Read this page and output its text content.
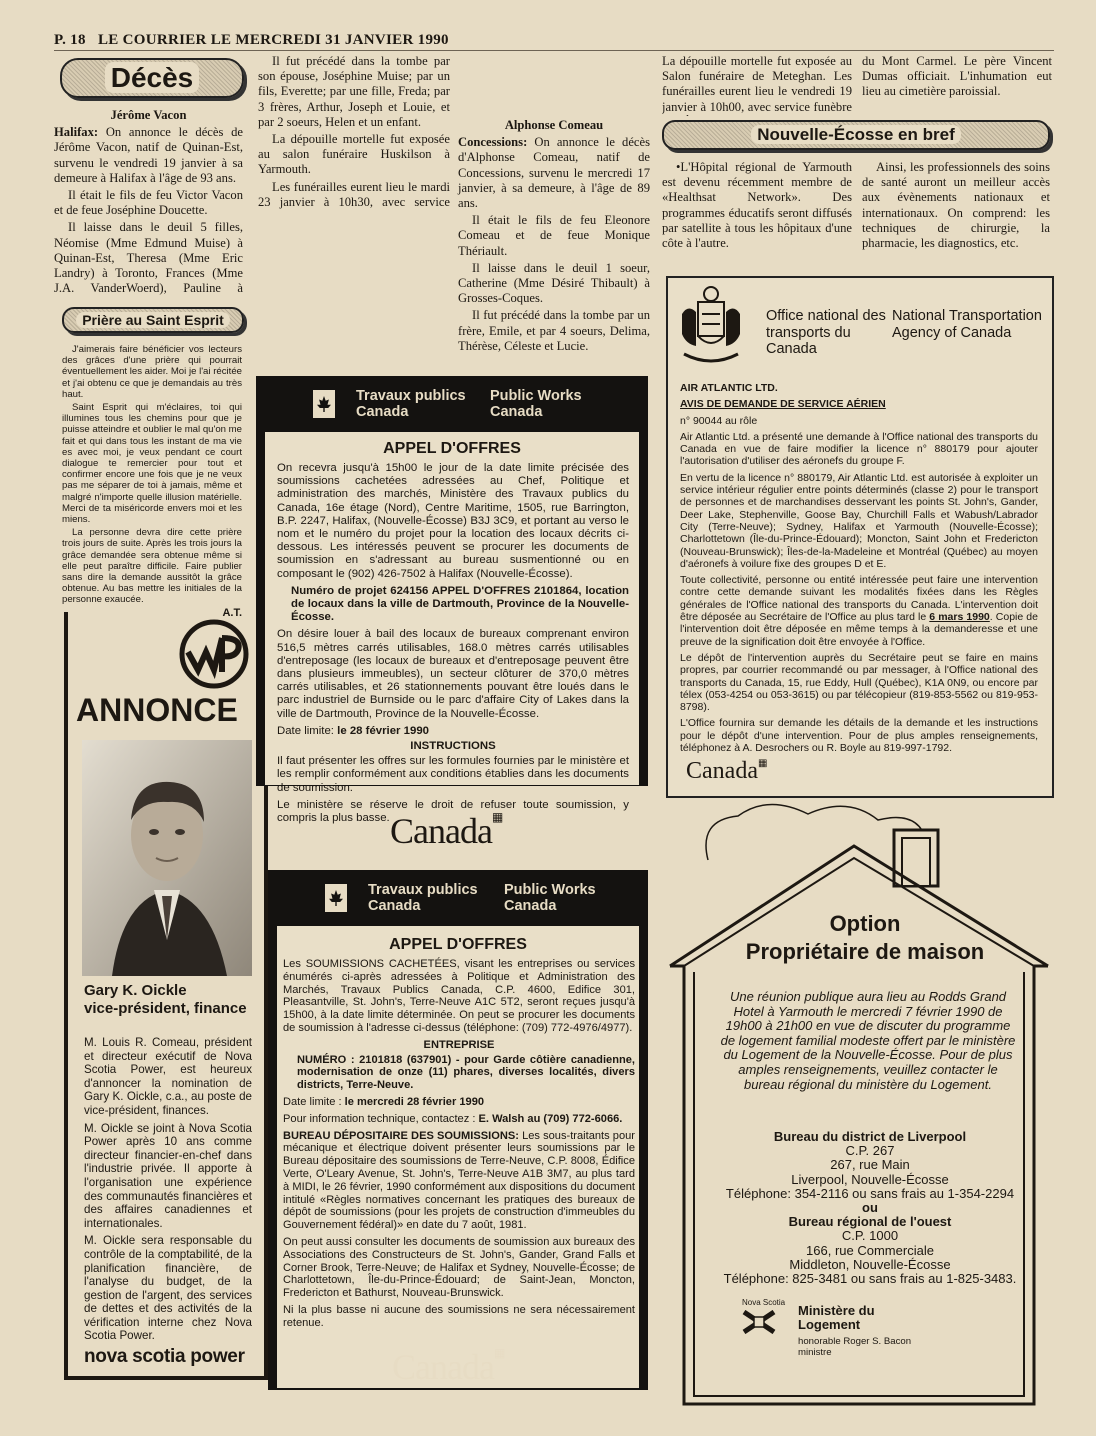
P. 18 LE COURRIER LE MERCREDI 31 JANVIER 1990
Décès
Jérôme Vacon

Halifax: On annonce le décès de Jérôme Vacon, natif de Quinan-Est, survenu le vendredi 19 janvier à sa demeure à Halifax à l'âge de 93 ans.

Il était le fils de feu Victor Vacon et de feue Joséphine Doucette.

Il laisse dans le deuil 5 filles, Néomise (Mme Edmund Muise) à Quinan-Est, Theresa (Mme Eric Landry) à Toronto, Frances (Mme J.A. VanderWoerd), Pauline à

Prière au Saint Esprit

J'aimerais faire bénéficier vos lecteurs des grâces d'une prière qui pourrait éventuellement les aider. Moi je l'ai récitée et j'ai obtenu ce que je demandais au très haut.

Saint Esprit qui m'éclaires, toi qui illumines tous les chemins pour que je puisse atteindre et oublier le mal qu'on me fait et qui dans tous les instant de ma vie es avec moi, je veux pendant ce court dialogue te remercier pour tout et confirmer encore une fois que je ne veux pas me séparer de toi à jamais, même et malgré n'importe quelle illusion matérielle. Merci de ta miséricorde envers moi et les miens.

La personne devra dire cette prière trois jours de suite. Après les trois jours la grâce demandée sera obtenue même si elle peut paraître difficile. Faire publier sans dire la demande aussitôt la grâce obtenue. Au bas mettre les initiales de la personne exaucée.

A.T.
ANNONCE
Gary K. Oickle
vice-président, finance

M. Louis R. Comeau, président et directeur exécutif de Nova Scotia Power, est heureux d'annoncer la nomination de Gary K. Oickle, c.a., au poste de vice-président, finances.

M. Oickle se joint à Nova Scotia Power après 10 ans comme directeur financier-en-chef dans l'industrie privée. Il apporte à l'organisation une expérience des communautés financières et des affaires canadiennes et internationales.

M. Oickle sera responsable du contrôle de la comptabilité, de la planification financière, de l'analyse du budget, de la gestion de l'argent, des services de dettes et des activités de la vérification interne chez Nova Scotia Power.

nova scotia power

Il fut précédé dans la tombe par son épouse, Joséphine Muise; par un fils, Everette; par une fille, Freda; par 3 frères, Arthur, Joseph et Louie, et par 2 soeurs, Helen et un enfant.

La dépouille mortelle fut exposée au salon funéraire Huskilson à Yarmouth.

Les funérailles eurent lieu le mardi 23 janvier à 10h30, avec service

Alphonse Comeau

Concessions: On annonce le décès d'Alphonse Comeau, natif de Concessions, survenu le mercredi 17 janvier, à sa demeure, à l'âge de 89 ans.

Il était le fils de feu Eleonore Comeau et de feue Monique Thériault.

Il laisse dans le deuil 1 soeur, Catherine (Mme Désiré Thibault) à Grosses-Coques.

Il fut précédé dans la tombe par un frère, Emile, et par 4 soeurs, Delima, Thérèse, Céleste et Lucie.

La dépouille mortelle fut exposée au Salon funéraire de Meteghan. Les funérailles eurent lieu le vendredi 19 janvier à 10h00, avec service funèbre

du Mont Carmel. Le père Vincent Dumas officiait. L'inhumation eut lieu au cimetière paroissial.
Nouvelle-Écosse en bref

•L'Hôpital régional de Yarmouth est devenu récemment membre de «Healthsat Network». Des programmes éducatifs seront diffusés par satellite à tous les hôpitaux d'une côte à l'autre.

Ainsi, les professionnels des soins de santé auront un meilleur accès aux évènements nationaux et internationaux. On comprend: les techniques de chirurgie, la pharmacie, les diagnostics, etc.

Travaux publics Canada
Public Works Canada
APPEL D'OFFRES

On recevra jusqu'à 15h00 le jour de la date limite précisée des soumissions cachetées adressées au Chef, Politique et administration des marchés, Ministère des Travaux publics du Canada, 16e étage (Nord), Centre Maritime, 1505, rue Barrington, B.P. 2247, Halifax, (Nouvelle-Écosse) B3J 3C9, et portant au verso le nom et le numéro du projet pour la location des locaux décrits ci-dessous. Les intéressés peuvent se procurer les documents de soumission en s'adressant au bureau susmentionné ou en composant le (902) 426-7502 à Halifax (Nouvelle-Écosse).

Numéro de projet 624156 APPEL D'OFFRES 2101864, location de locaux dans la ville de Dartmouth, Province de la Nouvelle-Écosse.

On désire louer à bail des locaux de bureaux comprenant environ 516,5 mètres carrés utilisables, 168.0 mètres carrés utilisables d'entreposage (les locaux de bureaux et d'entreposage peuvent être dans plusieurs immeubles), un secteur clôturer de 370,0 mètres carrés utilisables, et 26 stationnements pouvant être loués dans le parc industriel de Burnside ou le parc d'affaire City of Lakes dans la ville de Dartmouth, Province de la Nouvelle-Écosse.

Date limite: le 28 février 1990

INSTRUCTIONS

Il faut présenter les offres sur les formules fournies par le ministère et les remplir conformément aux conditions établies dans les documents de soumission.

Le ministère se réserve le droit de refuser toute soumission, y compris la plus basse. Canada▦
Travaux publics Canada
Public Works Canada
APPEL D'OFFRES

Les SOUMISSIONS CACHETÉES, visant les entreprises ou services énumérés ci-après adressées à Politique et Administration des Marchés, Travaux Publics Canada, C.P. 4600, Edifice 301, Pleasantville, St. John's, Terre-Neuve A1C 5T2, seront reçues jusqu'à 15h00, à la date limite déterminée. On peut se procurer les documents de soumission à l'adresse ci-dessus (téléphone: (709) 772-4976/4977).

ENTREPRISE

NUMÉRO : 2101818 (637901) - pour Garde côtière canadienne, modernisation de onze (11) phares, diverses localités, divers districts, Terre-Neuve.

Date limite : le mercredi 28 février 1990

Pour information technique, contactez : E. Walsh au (709) 772-6066.

BUREAU DÉPOSITAIRE DES SOUMISSIONS: Les sous-traitants pour mécanique et électrique doivent présenter leurs soumissions par le Bureau dépositaire des soumissions de Terre-Neuve, C.P. 8008, Édifice Verte, O'Leary Avenue, St. John's, Terre-Neuve A1B 3M7, au plus tard à MIDI, le 26 février, 1990 conformément aux dispositions du document intitulé «Règles normatives concernant les pratiques des bureaux de dépôt de soumissions (pour les projets de construction d'immeubles du Gouvernement fédéral)» en date du 7 août, 1981.

On peut aussi consulter les documents de soumission aux bureaux des Associations des Constructeurs de St. John's, Gander, Grand Falls et Corner Brook, Terre-Neuve; de Halifax et Sydney, Nouvelle-Écosse; de Charlottetown, Île-du-Prince-Édouard; de Saint-Jean, Moncton, Fredericton et Bathurst, Nouveau-Brunswick.

Ni la plus basse ni aucune des soumissions ne sera nécessairement retenue.

Canada▦
Office national des transports du Canada
National Transportation Agency of Canada
AIR ATLANTIC LTD.
AVIS DE DEMANDE DE SERVICE AÉRIEN

n° 90044 au rôle

Air Atlantic Ltd. a présenté une demande à l'Office national des transports du Canada en vue de faire modifier la licence n° 880179 pour ajouter l'autorisation d'utiliser des aéronefs du groupe F.

En vertu de la licence n° 880179, Air Atlantic Ltd. est autorisée à exploiter un service intérieur régulier entre points déterminés (classe 2) pour le transport de personnes et de marchandises desservant les points St. John's, Gander, Deer Lake, Stephenville, Goose Bay, Churchill Falls et Wabush/Labrador City (Terre-Neuve); Sydney, Halifax et Yarmouth (Nouvelle-Écosse); Charlottetown (Île-du-Prince-Édouard); Moncton, Saint John et Fredericton (Nouveau-Brunswick); Îles-de-la-Madeleine et Montréal (Québec) au moyen d'aéronefs à voilure fixe des groupes D et E.

Toute collectivité, personne ou entité intéressée peut faire une intervention contre cette demande suivant les modalités fixées dans les Règles générales de l'Office national des transports du Canada. L'intervention doit être déposée au Secrétaire de l'Office au plus tard le 6 mars 1990. Copie de l'intervention doit être déposée en même temps à la demanderesse et une preuve de la signification doit être envoyée à l'Office.

Le dépôt de l'intervention auprès du Secrétaire peut se faire en mains propres, par courrier recommandé ou par messager, à l'Office national des transports du Canada, 15, rue Eddy, Hull (Québec), K1A 0N9, ou encore par télex (053-4254 ou 053-3615) ou par télécopieur (819-853-5562 ou 819-953-8798).

L'Office fournira sur demande les détails de la demande et les instructions pour le dépôt d'une intervention. Pour de plus amples renseignements, téléphonez à A. Desrochers ou R. Boyle au 819-997-1792.

Canada▦
Option
Propriétaire de maison
Une réunion publique aura lieu au Rodds Grand Hotel à Yarmouth le mercredi 7 février 1990 de 19h00 à 21h00 en vue de discuter du programme de logement familial modeste offert par le ministère du Logement de la Nouvelle-Écosse. Pour de plus amples renseignements, veuillez contacter le bureau régional du ministère du Logement.
Bureau du district de Liverpool
C.P. 267
267, rue Main
Liverpool, Nouvelle-Écosse
Téléphone: 354-2116 ou sans frais au 1-354-2294
ou
Bureau régional de l'ouest
C.P. 1000
166, rue Commerciale
Middleton, Nouvelle-Écosse
Téléphone: 825-3481 ou sans frais au 1-825-3483.
Nova Scotia
Ministère du
Logement
honorable Roger S. Bacon
ministre
